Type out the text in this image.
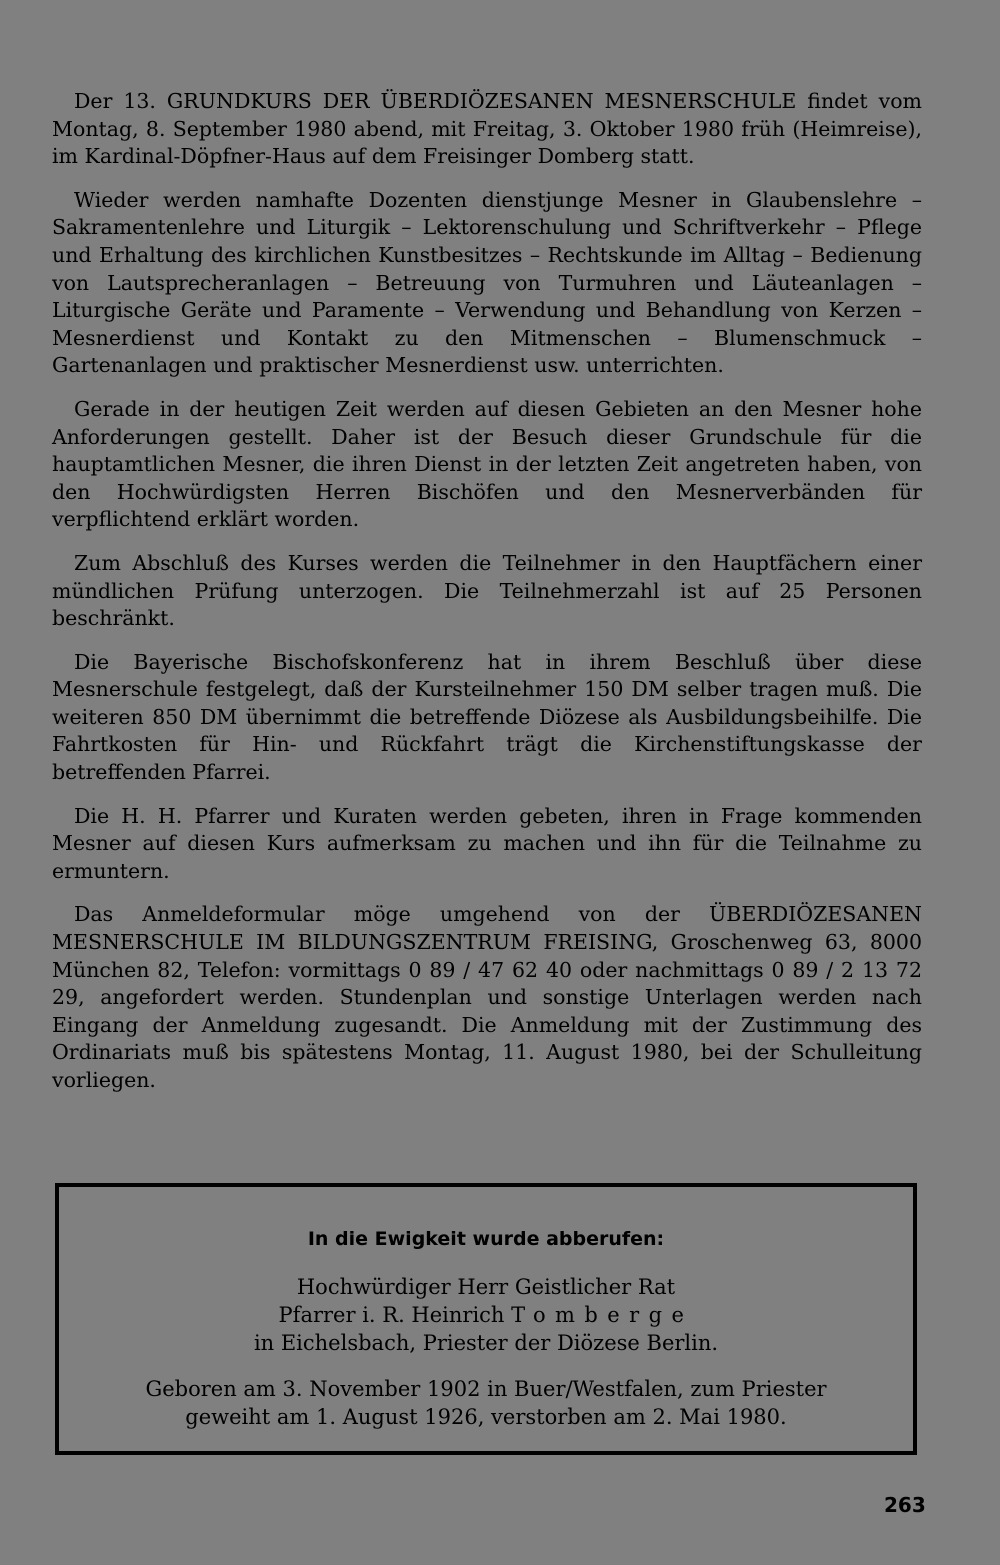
Der 13. GRUNDKURS DER ÜBERDIÖZESANEN MESNERSCHULE findet vom Montag, 8. September 1980 abend, mit Freitag, 3. Oktober 1980 früh (Heimreise), im Kardinal-Döpfner-Haus auf dem Freisinger Domberg statt.

Wieder werden namhafte Dozenten dienstjunge Mesner in Glaubenslehre – Sakramentenlehre und Liturgik – Lektorenschulung und Schriftverkehr – Pflege und Erhaltung des kirchlichen Kunstbesitzes – Rechtskunde im Alltag – Bedienung von Lautsprecheranlagen – Betreuung von Turmuhren und Läuteanlagen – Liturgische Geräte und Paramente – Verwendung und Behandlung von Kerzen – Mesnerdienst und Kontakt zu den Mitmenschen – Blumenschmuck – Gartenanlagen und praktischer Mesnerdienst usw. unterrichten.

Gerade in der heutigen Zeit werden auf diesen Gebieten an den Mesner hohe Anforderungen gestellt. Daher ist der Besuch dieser Grundschule für die hauptamtlichen Mesner, die ihren Dienst in der letzten Zeit angetreten haben, von den Hochwürdigsten Herren Bischöfen und den Mesnerverbänden für verpflichtend erklärt worden.

Zum Abschluß des Kurses werden die Teilnehmer in den Hauptfächern einer mündlichen Prüfung unterzogen. Die Teilnehmerzahl ist auf 25 Personen beschränkt.

Die Bayerische Bischofskonferenz hat in ihrem Beschluß über diese Mesnerschule festgelegt, daß der Kursteilnehmer 150 DM selber tragen muß. Die weiteren 850 DM übernimmt die betreffende Diözese als Ausbildungsbeihilfe. Die Fahrtkosten für Hin- und Rückfahrt trägt die Kirchenstiftungskasse der betreffenden Pfarrei.

Die H. H. Pfarrer und Kuraten werden gebeten, ihren in Frage kommenden Mesner auf diesen Kurs aufmerksam zu machen und ihn für die Teilnahme zu ermuntern.

Das Anmeldeformular möge umgehend von der ÜBERDIÖZESANEN MESNERSCHULE IM BILDUNGSZENTRUM FREISING, Groschenweg 63, 8000 München 82, Telefon: vormittags 0 89 / 47 62 40 oder nachmittags 0 89 / 2 13 72 29, angefordert werden. Stundenplan und sonstige Unterlagen werden nach Eingang der Anmeldung zugesandt. Die Anmeldung mit der Zustimmung des Ordinariats muß bis spätestens Montag, 11. August 1980, bei der Schulleitung vorliegen.

In die Ewigkeit wurde abberufen:

Hochwürdiger Herr Geistlicher Rat

Pfarrer i. R. Heinrich Tomberge

in Eichelsbach, Priester der Diözese Berlin.

Geboren am 3. November 1902 in Buer/Westfalen, zum Priester

geweiht am 1. August 1926, verstorben am 2. Mai 1980.

263
